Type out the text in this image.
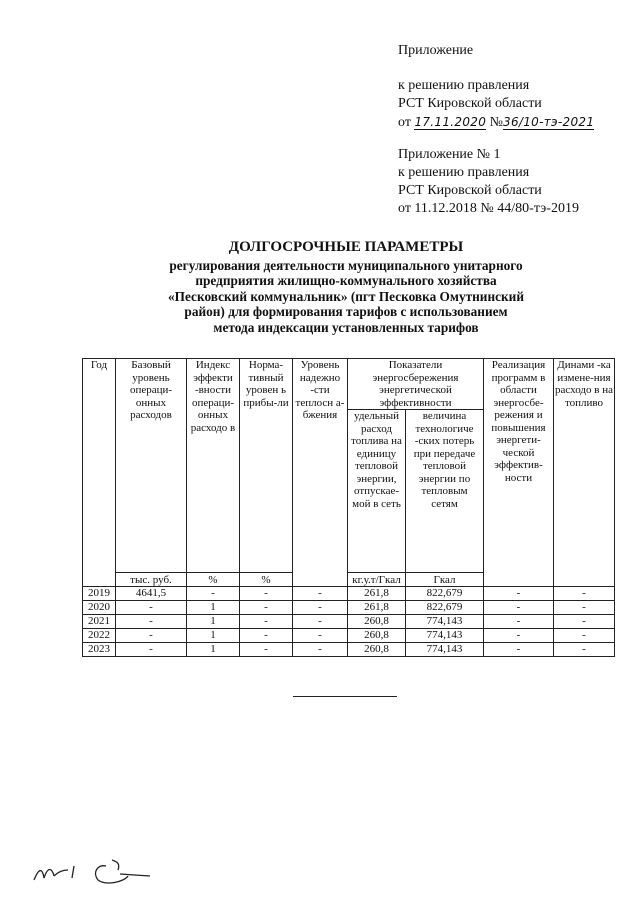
Приложение
к решению правления
РСТ Кировской области
от 17.11.2020 №36/10-тэ-2021
Приложение № 1
к решению правления
РСТ Кировской области
от 11.12.2018 № 44/80-тэ-2019
ДОЛГОСРОЧНЫЕ ПАРАМЕТРЫ
регулирования деятельности муниципального унитарного
предприятия жилищно-коммунального хозяйства
«Песковский коммунальник» (пгт Песковка Омутнинский
район) для формирования тарифов с использованием
метода индексации установленных тарифов
Год	Базовый уровень операци-онных расходов	Индекс эффекти -вности операци-онных расходо в	Норма-тивный уровен ь прибы-ли	Уровень надежно -сти теплосн а-бжения	Показатели энергосбережения энергетической эффективности		Реализация программ в области энергосбе-режения и повышения энергети-ческой эффектив-ности	Динами -ка измене-ния расходо в на топливо
					удельный расход топлива на единицу тепловой энергии, отпускае-мой в сеть	величина технологиче -ских потерь при передаче тепловой энергии по тепловым сетям		
	тыс. руб.	%	%		кг.у.т/Гкал	Гкал		
2019	4641,5	-	-	-	261,8	822,679	-	-
2020	-	1	-	-	261,8	822,679	-	-
2021	-	1	-	-	260,8	774,143	-	-
2022	-	1	-	-	260,8	774,143	-	-
2023	-	1	-	-	260,8	774,143	-	-
